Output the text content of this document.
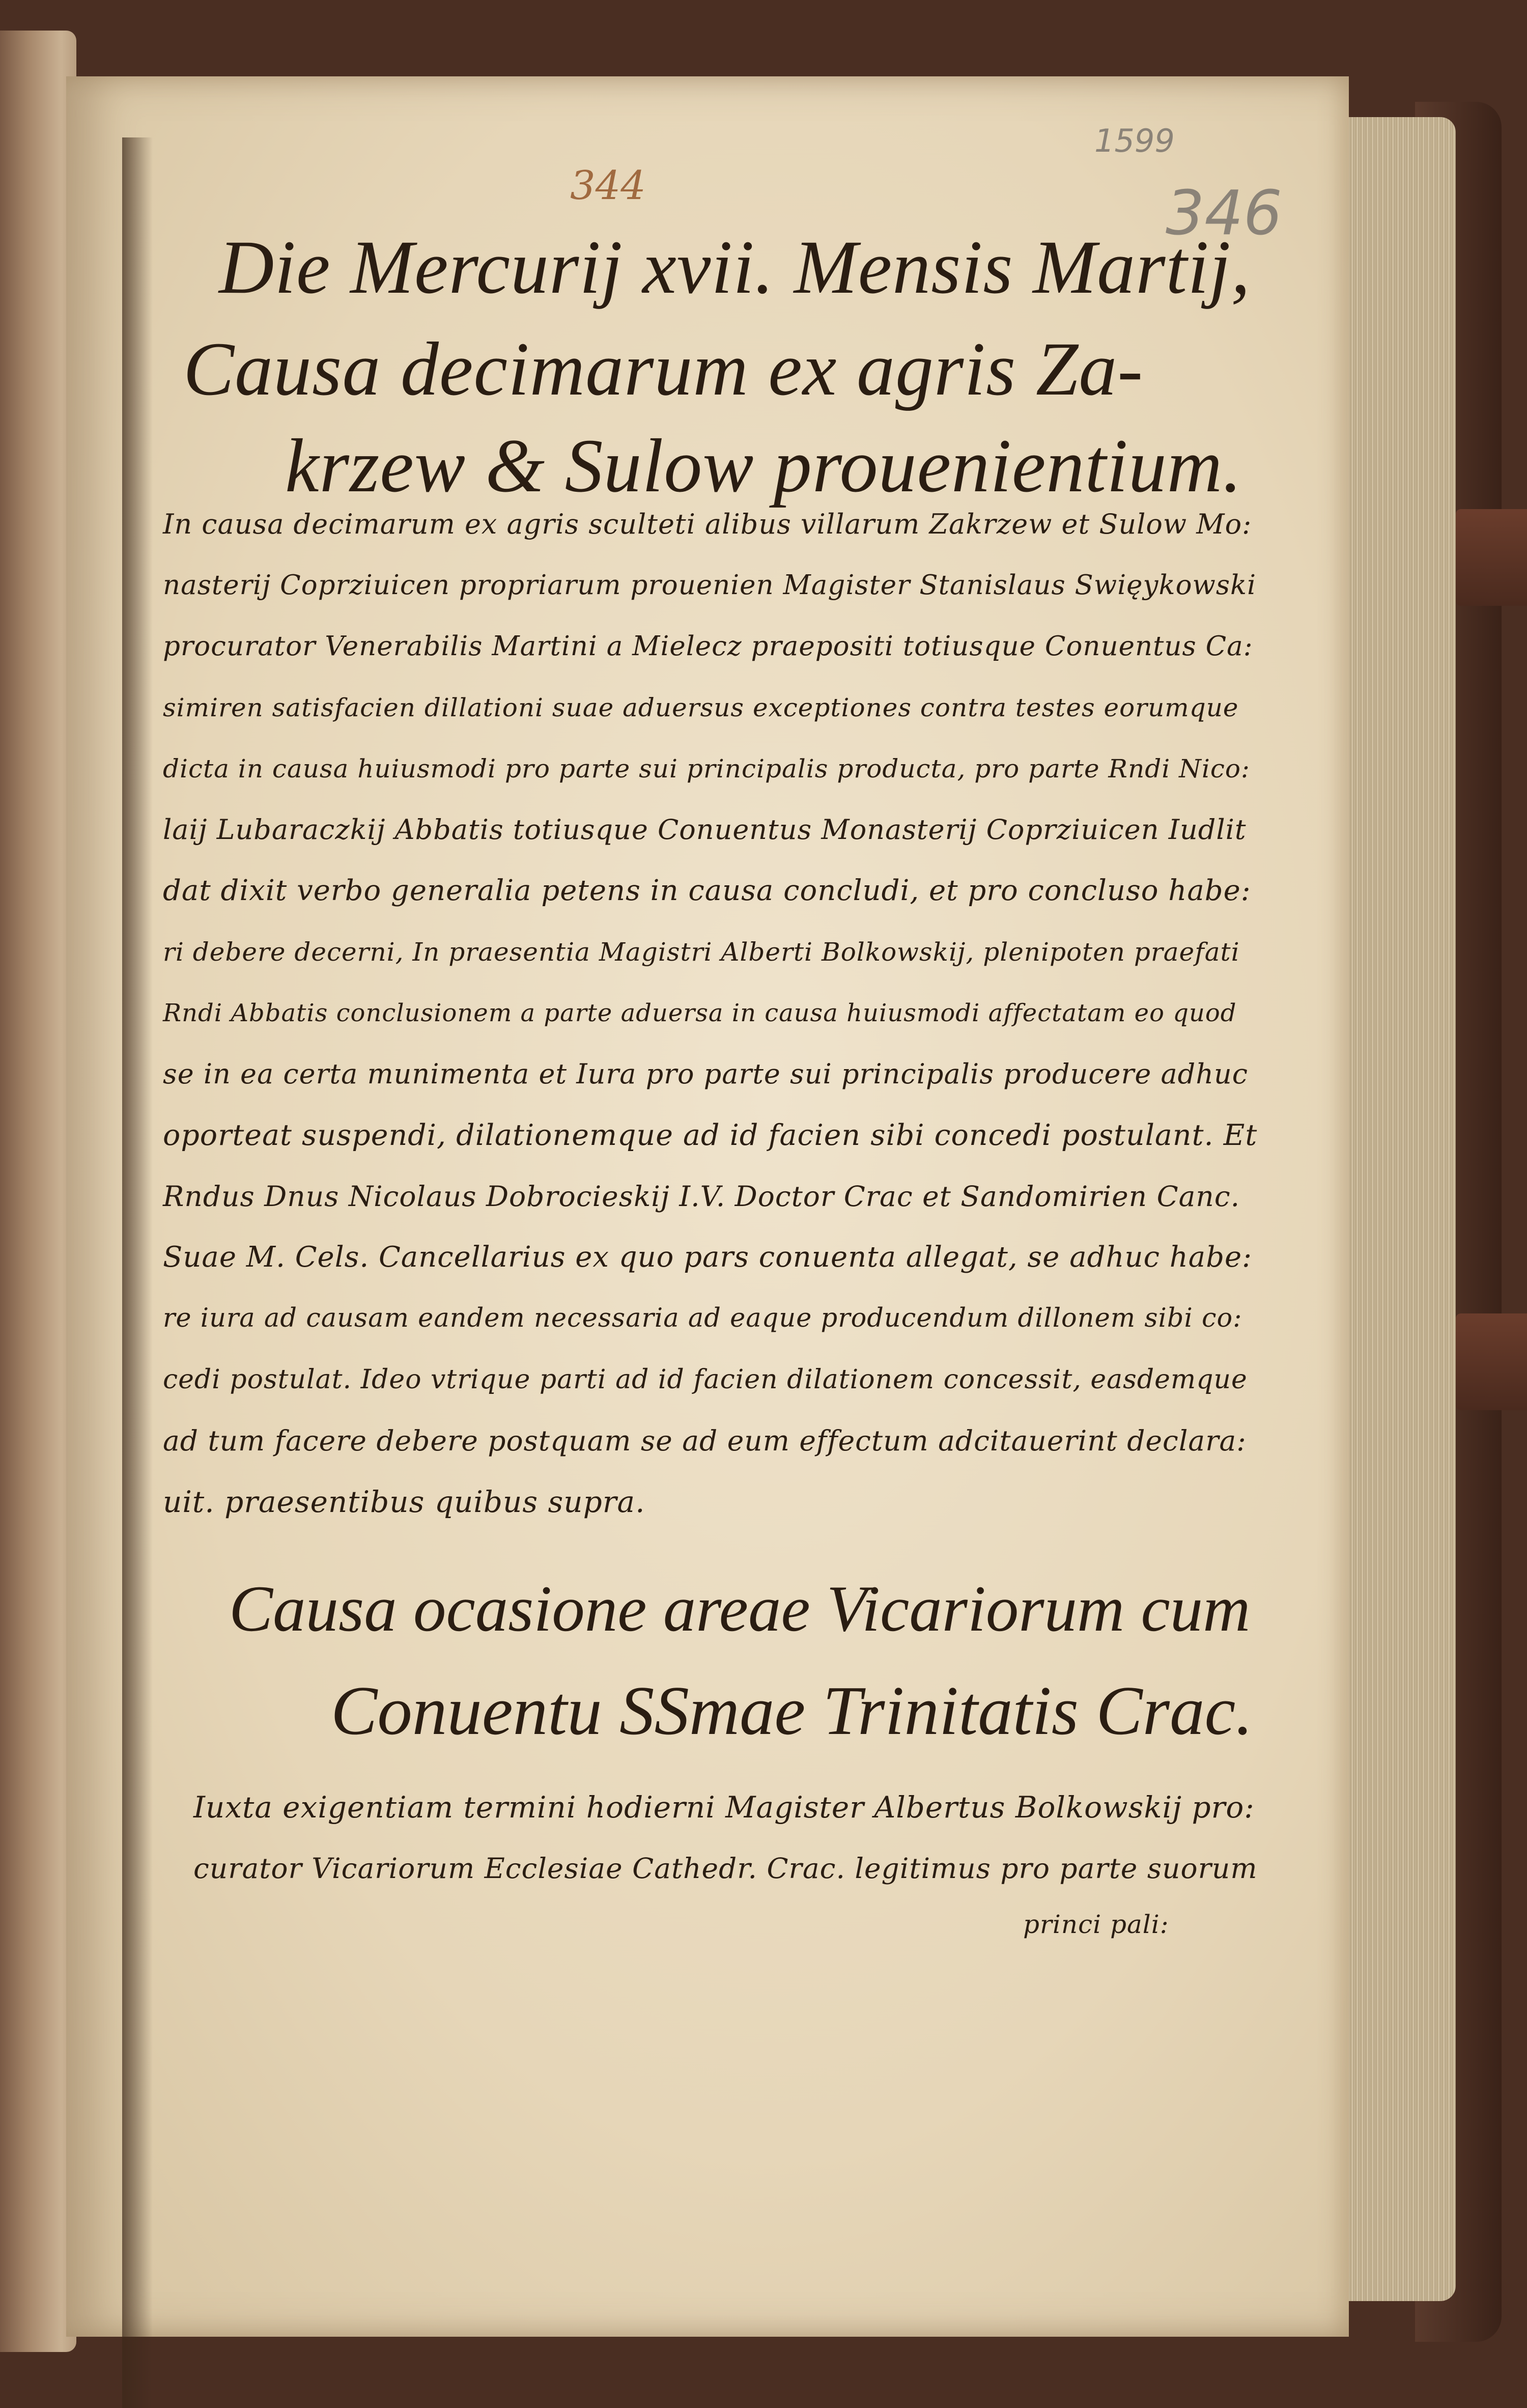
344
1599
346
Die Mercurij xvii. Mensis Martij,
Causa decimarum ex agris Za-
krzew & Sulow prouenientium.

In causa decimarum ex agris sculteti alibus villarum Zakrzew et Sulow Mo:

nasterij Coprziuicen propriarum prouenien Magister Stanislaus Swięykowski

procurator Venerabilis Martini a Mielecz praepositi totiusque Conuentus Ca:

simiren satisfacien dillationi suae aduersus exceptiones contra testes eorumque

dicta in causa huiusmodi pro parte sui principalis producta, pro parte Rndi Nico:

laij Lubaraczkij Abbatis totiusque Conuentus Monasterij Coprziuicen Iudlit

dat dixit verbo generalia petens in causa concludi, et pro concluso habe:

ri debere decerni, In praesentia Magistri Alberti Bolkowskij, plenipoten praefati

Rndi Abbatis conclusionem a parte aduersa in causa huiusmodi affectatam eo quod

se in ea certa munimenta et Iura pro parte sui principalis producere adhuc

oporteat suspendi, dilationemque ad id facien sibi concedi postulant. Et

Rndus Dnus Nicolaus Dobrocieskij I.V. Doctor Crac et Sandomirien Canc.

Suae M. Cels. Cancellarius ex quo pars conuenta allegat, se adhuc habe:

re iura ad causam eandem necessaria ad eaque producendum dillonem sibi co:

cedi postulat. Ideo vtrique parti ad id facien dilationem concessit, easdemque

ad tum facere debere postquam se ad eum effectum adcitauerint declara:

uit. praesentibus quibus supra.

Causa ocasione areae Vicariorum cum
Conuentu SSmae Trinitatis Crac.

Iuxta exigentiam termini hodierni Magister Albertus Bolkowskij pro:

curator Vicariorum Ecclesiae Cathedr. Crac. legitimus pro parte suorum

princi pali:
